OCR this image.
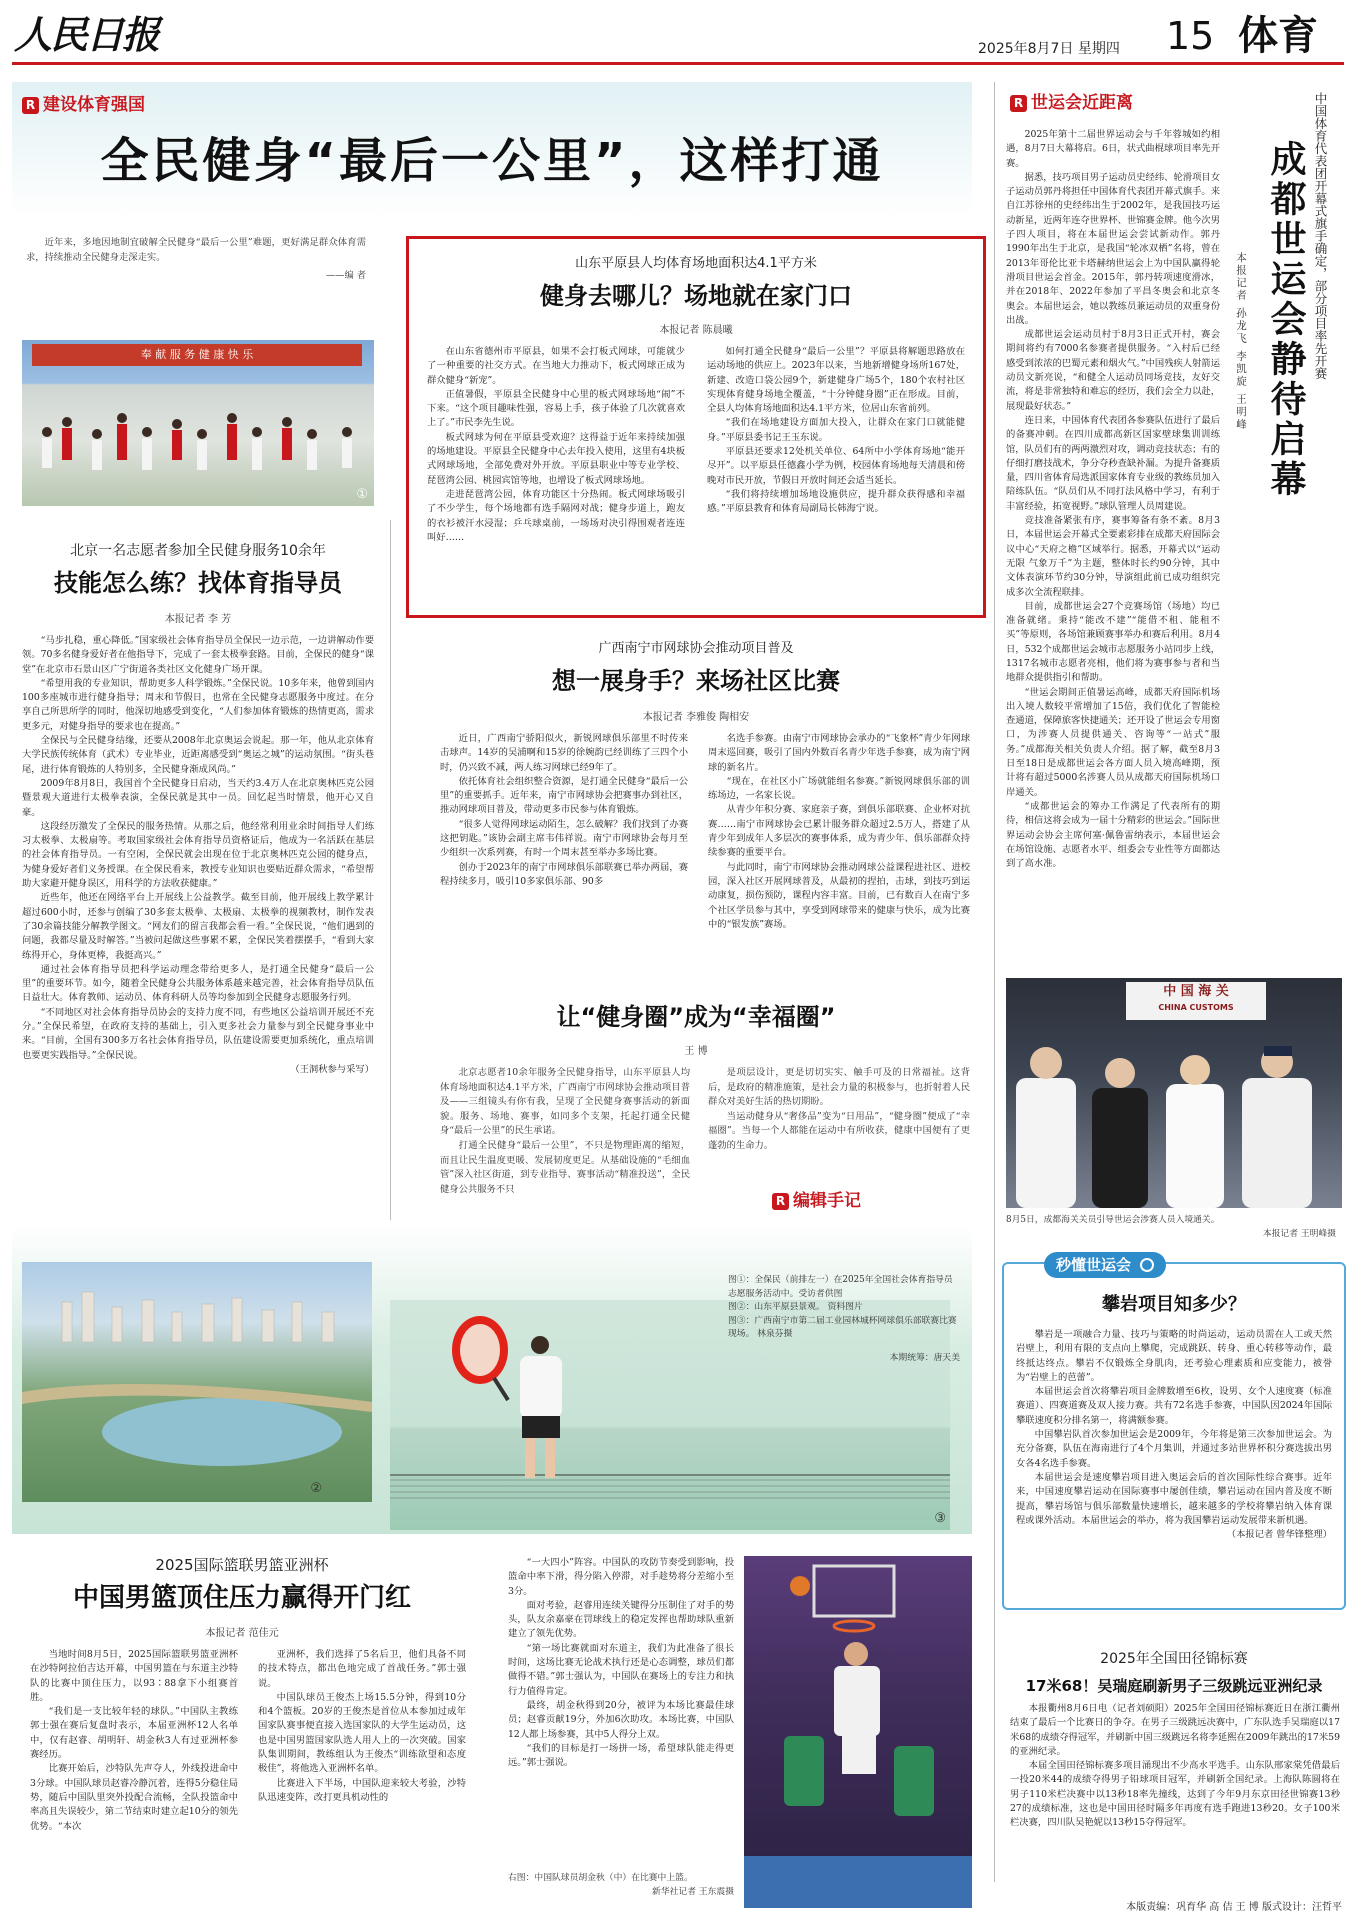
人民日报	2025年8月7日 星期四 15 体育
R 建设体育强国
全民健身“最后一公里”，这样打通
近年来，多地因地制宜破解全民健身“最后一公里”难题，更好满足群众体育需求，持续推动全民健身走深走实。
——编 者
奉 献 服 务 健 康 快 乐
①
山东平原县人均体育场地面积达4.1平方米
健身去哪儿？场地就在家门口
本报记者 陈晨曦

在山东省德州市平原县，如果不会打板式网球，可能就少了一种重要的社交方式。在当地大力推动下，板式网球正成为群众健身“新宠”。

正值暑假，平原县全民健身中心里的板式网球场地“闹”不下来。“这个项目趣味性强，容易上手，孩子体验了几次就喜欢上了。”市民李先生说。

板式网球为何在平原县受欢迎？这得益于近年来持续加强的场地建设。平原县全民健身中心去年投入使用，这里有4块板式网球场地，全部免费对外开放。平原县职业中等专业学校、琵琶湾公园、桃园宾馆等地，也增设了板式网球场地。

走进琵琶湾公园，体育功能区十分热闹。板式网球场吸引了不少学生，每个场地都有选手隔网对战；健身步道上，跑友的衣衫被汗水浸湿；乒乓球桌前，一场场对决引得围观者连连叫好……

如何打通全民健身“最后一公里”？平原县将解题思路放在运动场地的供应上。2023年以来，当地新增健身场所167处，新建、改造口袋公园9个，新建健身广场5个，180个农村社区实现体育健身场地全覆盖，“十分钟健身圈”正在形成。目前，全县人均体育场地面积达4.1平方米，位居山东省前列。

“我们在场地建设方面加大投入，让群众在家门口就能健身。”平原县委书记王玉东说。

平原县还要求12处机关单位、64所中小学体育场地“能开尽开”。以平原县任德鑫小学为例，校园体育场地每天清晨和傍晚对市民开放，节假日开放时间还会适当延长。

“我们将持续增加场地设施供应，提升群众获得感和幸福感。”平原县教育和体育局副局长韩海宁说。

北京一名志愿者参加全民健身服务10余年
技能怎么练？找体育指导员
本报记者 李 芳

“马步扎稳，重心降低。”国家级社会体育指导员全保民一边示范，一边讲解动作要领。70多名健身爱好者在他指导下，完成了一套太极拳套路。目前，全保民的健身“课堂”在北京市石景山区广宁街道各类社区文化健身广场开课。

“希望用我的专业知识，帮助更多人科学锻炼。”全保民说。10多年来，他曾到国内100多座城市进行健身指导；周末和节假日，也常在全民健身志愿服务中度过。在分享自己所思所学的同时，他深切地感受到变化，“人们参加体育锻炼的热情更高，需求更多元，对健身指导的要求也在提高。”

全保民与全民健身结缘，还要从2008年北京奥运会说起。那一年，他从北京体育大学民族传统体育（武术）专业毕业，近距离感受到“奥运之城”的运动氛围。“街头巷尾，进行体育锻炼的人特别多，全民健身渐成风尚。”

2009年8月8日，我国首个全民健身日启动，当天约3.4万人在北京奥林匹克公园暨景观大道进行太极拳表演，全保民就是其中一员。回忆起当时情景，他开心又自豪。

这段经历激发了全保民的服务热情。从那之后，他经常利用业余时间指导人们练习太极拳、太极扇等。考取国家级社会体育指导员资格证后，他成为一名活跃在基层的社会体育指导员。一有空闲，全保民就会出现在位于北京奥林匹克公园的健身点，为健身爱好者们义务授课。在全保民看来，教授专业知识也要贴近群众需求，“希望帮助大家避开健身误区，用科学的方法收获健康。”

近些年，他还在网络平台上开展线上公益教学。截至目前，他开展线上教学累计超过600小时，还参与创编了30多套太极拳、太极扇、太极拳的视频教材，制作发表了30余篇技能分解教学图文。“网友们的留言我都会看一看。”全保民说，“他们遇到的问题，我都尽量及时解答。”当被问起做这些事累不累，全保民笑着摆摆手，“看到大家练得开心，身体更棒，我挺高兴。”

通过社会体育指导员把科学运动理念带给更多人，是打通全民健身“最后一公里”的重要环节。如今，随着全民健身公共服务体系越来越完善，社会体育指导员队伍日益壮大。体育教师、运动员、体育科研人员等均参加到全民健身志愿服务行列。

“不同地区对社会体育指导员协会的支持力度不同，有些地区公益培训开展还不充分。”全保民希望，在政府支持的基础上，引入更多社会力量参与到全民健身事业中来。“目前，全国有300多万名社会体育指导员，队伍建设需要更加系统化，重点培训也要更实践指导。”全保民说。

（王洞秋参与采写）
广西南宁市网球协会推动项目普及
想一展身手？来场社区比赛
本报记者 李雅俊 陶相安

近日，广西南宁骄阳似火，新锐网球俱乐部里不时传来击球声。14岁的吴浦啊和15岁的徐婉韵已经训练了三四个小时，仍兴致不减，两人练习网球已经9年了。

依托体育社会组织整合资源，是打通全民健身“最后一公里”的重要抓手。近年来，南宁市网球协会把赛事办到社区，推动网球项目普及，带动更多市民参与体育锻炼。

“很多人觉得网球运动陌生，怎么破解？我们找到了办赛这把钥匙。”该协会副主席韦伟祥说。南宁市网球协会每月至少组织一次系列赛，有时一个周末甚至举办多场比赛。

创办于2023年的南宁市网球俱乐部联赛已举办两届，赛程持续多月，吸引10多家俱乐部、90多

名选手参赛。由南宁市网球协会承办的“飞象杯”青少年网球周末巡回赛，吸引了国内外数百名青少年选手参赛，成为南宁网球的新名片。

“现在，在社区小广场就能组名参赛。”新锐网球俱乐部的训练场边，一名家长说。

从青少年积分赛、家庭亲子赛，到俱乐部联赛、企业杯对抗赛……南宁市网球协会已累计服务群众超过2.5万人，搭建了从青少年到成年人多层次的赛事体系，成为青少年、俱乐部群众持续参赛的重要平台。

与此同时，南宁市网球协会推动网球公益课程进社区、进校园，深入社区开展网球普及，从最初的捏拍，击球，到技巧到运动康复，损伤预防，课程内容丰富。目前，已有数百人在南宁多个社区学员参与其中，享受到网球带来的健康与快乐，成为比赛中的“银发族”赛场。

让“健身圈”成为“幸福圈”
王 博

北京志愿者10余年服务全民健身指导，山东平原县人均体育场地面积达4.1平方米，广西南宁市网球协会推动项目普及——三组镜头有你有我，呈现了全民健身赛事活动的新面貌。服务、场地、赛事，如同多个支架，托起打通全民健身“最后一公里”的民生承诺。

打通全民健身“最后一公里”，不只是物理距离的缩短，而且让民生温度更暖、发展韧度更足。从基础设施的“毛细血管”深入社区街道，到专业指导、赛事活动“精准投送”，全民健身公共服务不只

是项层设计，更是切切实实、触手可及的日常福祉。这背后，是政府的精准施策，是社会力量的积极参与，也折射着人民群众对美好生活的热切期盼。

当运动健身从“奢侈品”变为“日用品”，“健身圈”便成了“幸福圈”。当每一个人都能在运动中有所收获，健康中国便有了更蓬勃的生命力。

R 编辑手记
②
③
图①：全保民（前排左一）在2025年全国社会体育指导员志愿服务活动中。受访者供图
图②：山东平原县景观。 资料图片
图③：广西南宁市第二届工业园林城杯网球俱乐部联赛比赛现场。 林泉芬摄
本期统筹：唐天美
2025国际篮联男篮亚洲杯
中国男篮顶住压力赢得开门红
本报记者 范佳元

当地时间8月5日，2025国际篮联男篮亚洲杯在沙特阿拉伯吉达开幕，中国男篮在与东道主沙特队的比赛中顶住压力，以93∶88拿下小组赛首胜。

“我们是一支比较年轻的球队。”中国队主教练郭士强在赛后复盘时表示，本届亚洲杯12人名单中，仅有赵睿、胡明轩、胡金秋3人有过亚洲杯参赛经历。

比赛开始后，沙特队先声夺人，外线投进命中3分球。中国队球员赵睿冷静沉着，连得5分稳住局势，随后中国队里突外投配合流畅，全队投篮命中率高且失误较少，第二节结束时建立起10分的领先优势。“本次

亚洲杯，我们选择了5名后卫，他们具备不同的技术特点，都出色地完成了首战任务。”郭士强说。

中国队球员王俊杰上场15.5分钟，得到10分和4个篮板。20岁的王俊杰是首位从本参加过成年国家队赛事便直接入选国家队的大学生运动员，这也是中国男篮国家队选人用人上的一次突破。国家队集训期间，教练组认为王俊杰“训练欲望和态度极佳”，将他选入亚洲杯名单。

比赛进入下半场，中国队迎来较大考验，沙特队迅速变阵，改打更具机动性的

“一大四小”阵容。中国队的攻防节奏受到影响，投篮命中率下滑，得分陷入停滞，对手趁势将分差缩小至3分。

面对考验，赵睿用连续关键得分压制住了对手的势头，队友余嘉豪在罚球线上的稳定发挥也帮助球队重新建立了领先优势。

“第一场比赛就面对东道主，我们为此准备了很长时间，这场比赛无论战术执行还是心态调整，球员们都做得不错。”郭士强认为，中国队在赛场上的专注力和执行力值得肯定。

最终，胡金秋得到20分，被评为本场比赛最佳球员；赵睿贡献19分，外加6次助攻。本场比赛，中国队12人都上场参赛，其中5人得分上双。

“我们的目标是打一场拼一场，希望球队能走得更远。”郭士强说。

右图：中国队球员胡金秋（中）在比赛中上篮。
新华社记者 王东震摄
R 世运会近距离

2025年第十二届世界运动会与千年蓉城如约相遇，8月7日大幕将启。6日，状式曲棍球项目率先开赛。

据悉，技巧项目男子运动员史经纬、轮滑项目女子运动员郭丹将担任中国体育代表团开幕式旗手。来自江苏徐州的史经纬出生于2002年，是我国技巧运动新星，近两年连夺世界杯、世锦赛金牌。他今次男子四人项目，将在本届世运会尝试新动作。郭丹1990年出生于北京，是我国“轮冰双栖”名将，曾在2013年哥伦比亚卡塔赫纳世运会上为中国队赢得轮滑项目世运会首金。2015年，郭丹转项速度滑冰，并在2018年、2022年参加了平昌冬奥会和北京冬奥会。本届世运会，她以教练员兼运动员的双重身份出战。

成都世运会运动员村于8月3日正式开村，赛会期间将约有7000名参赛者提供服务。“入村后已经感受到浓浓的巴蜀元素和烟火气。”中国残疾人射箭运动员文新亮说，“和健全人运动员同场竞技，友好交流，将是非常独特和难忘的经历，我们会全力以赴，展现最好状态。”

连日来，中国体育代表团各参赛队伍进行了最后的备赛冲刺。在四川成都高新区国家壁球集训训练馆，队员们有的两两激烈对攻，调动竞技状态；有的仔细打磨技战术，争分夺秒查缺补漏。为提升备赛质量，四川省体育局选派国家体育专业级的教练员加入陪练队伍。“队员们从不同打法风格中学习，有利于丰富经验，拓宽视野。”球队管理人员周建说。

竞技准备紧张有序，赛事筹备有条不紊。8月3日，本届世运会开幕式全要素彩排在成都天府国际会议中心“天府之檐”区域举行。据悉，开幕式以“运动无限 气象万千”为主题，整体时长约90分钟，其中文体表演环节约30分钟，导演组此前已成功组织完成多次全流程联排。

目前，成都世运会27个竞赛场馆（场地）均已准备就绪。秉持“能改不建”“能借不租、能租不买”等原则，各场馆兼顾赛事举办和赛后利用。8月4日，532个成都世运会城市志愿服务小站同步上线，1317名城市志愿者亮相，他们将为赛事参与者和当地群众提供指引和帮助。

“世运会期间正值暑运高峰，成都天府国际机场出入境人数较平常增加了15倍，我们优化了智能检查通道，保障旅客快捷通关；还开设了世运会专用窗口，为涉赛人员提供通关、咨询等“一站式”服务。”成都海关相关负责人介绍。据了解，截至8月3日至18日是成都世运会各方面人员入境高峰期，预计将有超过5000名涉赛人员从成都天府国际机场口岸通关。

“成都世运会的筹办工作满足了代表所有的期待，相信这将会成为一届十分精彩的世运会。”国际世界运动会协会主席何塞·佩鲁雷纳表示，本届世运会在场馆设施、志愿者水平、组委会专业性等方面都达到了高水准。

中国体育代表团开幕式旗手确定，部分项目率先开赛
成都世运会静待启幕
本报记者 孙龙飞 李凯旋 王明峰
中 国 海 关
CHINA CUSTOMS
8月5日，成都海关关员引导世运会涉赛人员入境通关。
本报记者 王明峰摄
秒懂世运会
攀岩项目知多少？

攀岩是一项融合力量、技巧与策略的时尚运动，运动员需在人工或天然岩壁上，利用有限的支点向上攀爬，完成跳跃、转身、重心转移等动作，最终抵达终点。攀岩不仅锻炼全身肌肉，还考验心理素质和应变能力，被誉为“岩壁上的芭蕾”。

本届世运会首次将攀岩项目金牌数增至6枚，设男、女个人速度赛（标准赛道）、四赛道赛及双人接力赛。共有72名选手参赛，中国队因2024年国际攀联速度积分排名第一，将满额参赛。

中国攀岩队首次参加世运会是2009年，今年将是第三次参加世运会。为充分备赛，队伍在海南进行了4个月集训，并通过多站世界杯积分赛选拔出男女各4名选手参赛。

本届世运会是速度攀岩项目进入奥运会后的首次国际性综合赛事。近年来，中国速度攀岩运动在国际赛事中屡创佳绩，攀岩运动在国内普及度不断提高，攀岩场馆与俱乐部数量快速增长，越来越多的学校将攀岩纳入体育课程或课外活动。本届世运会的举办，将为我国攀岩运动发展带来新机遇。

（本报记者 曾华锋整理）
2025年全国田径锦标赛
17米68！吴瑞庭刷新男子三级跳远亚洲纪录

本报衢州8月6日电（记者刘硕阳）2025年全国田径锦标赛近日在浙江衢州结束了最后一个比赛日的争夺。在男子三级跳远决赛中，广东队选手吴瑞庭以17米68的成绩夺得冠军，并刷新中国三级跳远名将李延熙在2009年跳出的17米59的亚洲纪录。

本届全国田径锦标赛多项目涌现出不少高水平选手。山东队邢家棠凭借最后一投20米44的成绩夺得男子铅球项目冠军，并刷新全国纪录。上海队陈圆将在男子110米栏决赛中以13秒18率先撞线，达到了今年9月东京田径世锦赛13秒27的成绩标准，这也是中国田径时隔多年再度有选手跑进13秒20。女子100米栏决赛，四川队吴艳妮以13秒15夺得冠军。

本版责编：巩育华 高 佶 王 博 版式设计：汪哲平
